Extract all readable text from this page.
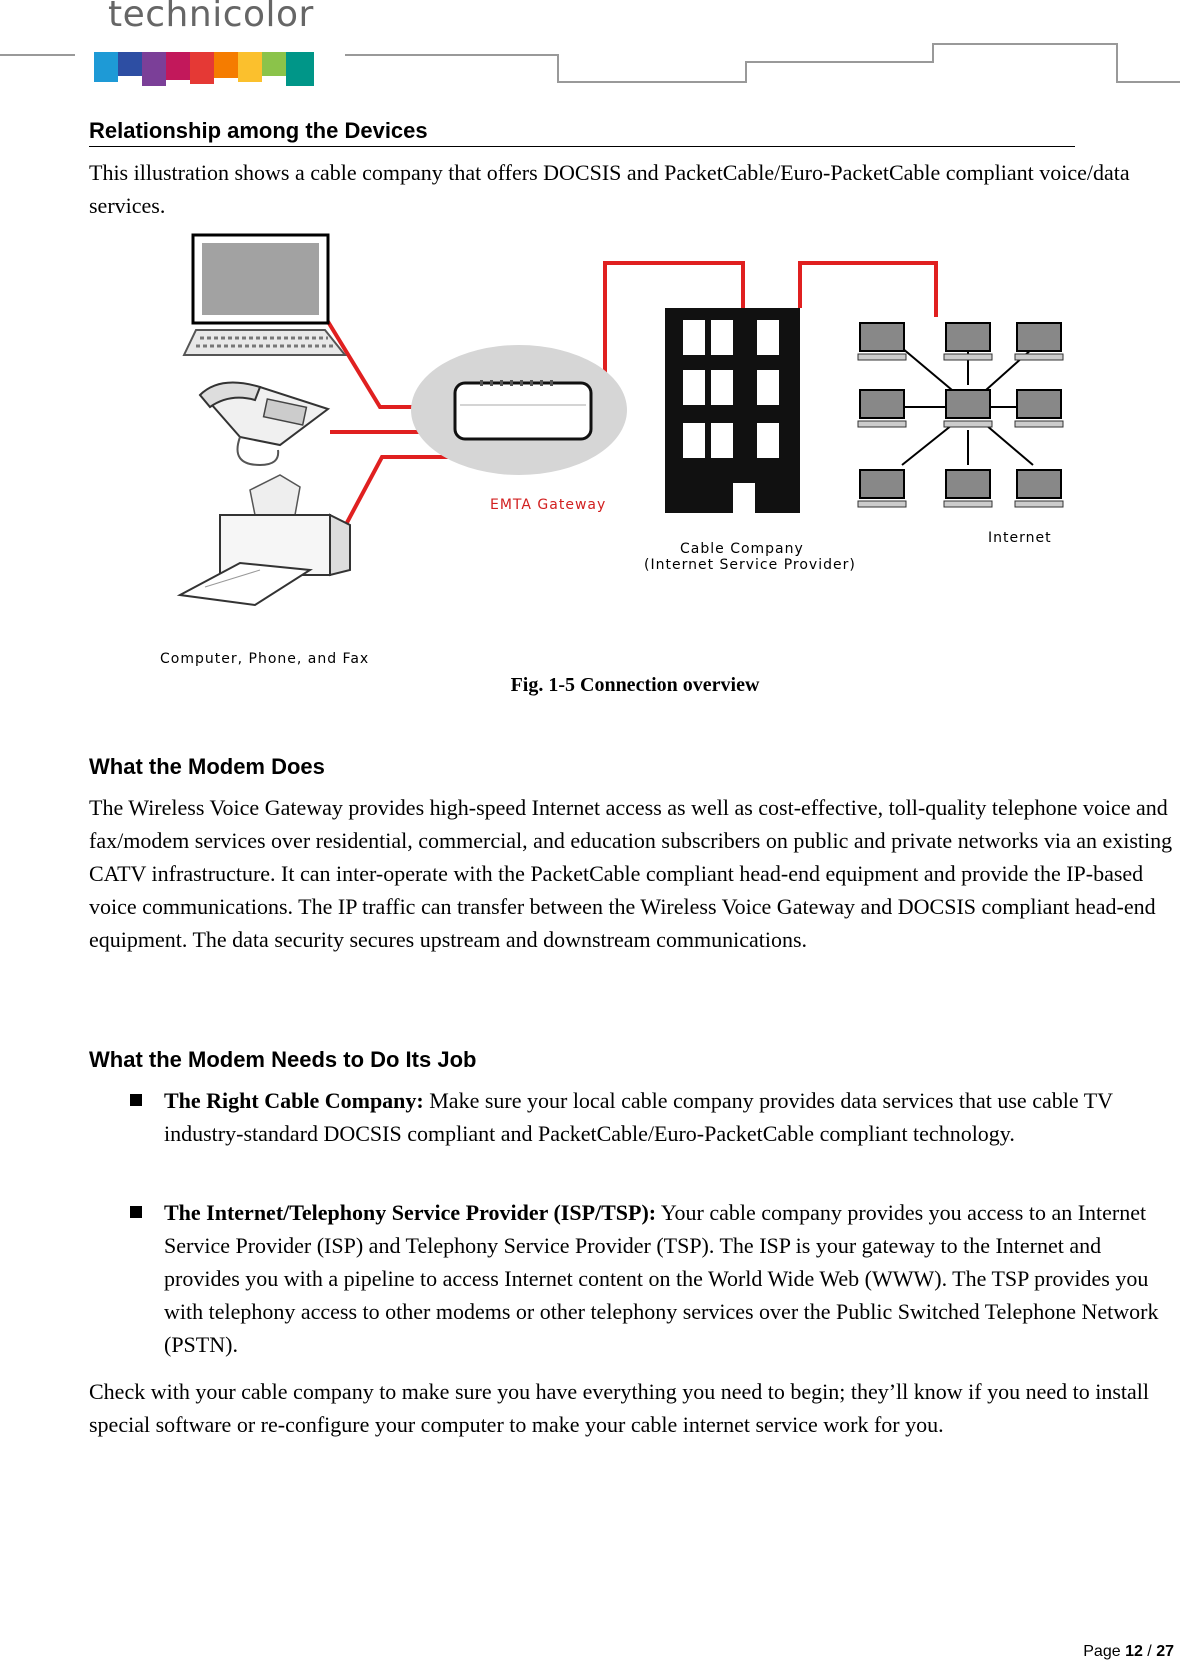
technicolor
Relationship among the Devices
This illustration shows a cable company that offers DOCSIS and PacketCable/Euro-PacketCable compliant voice/data services.
EMTA Gateway
Cable Company
(Internet Service Provider)
Internet
Computer, Phone, and Fax
Fig. 1-5 Connection overview
What the Modem Does
The Wireless Voice Gateway provides high-speed Internet access as well as cost-effective, toll-quality telephone voice and fax/modem services over residential, commercial, and education subscribers on public and private networks via an existing CATV infrastructure. It can inter-operate with the PacketCable compliant head-end equipment and provide the IP-based voice communications. The IP traffic can transfer between the Wireless Voice Gateway and DOCSIS compliant head-end equipment. The data security secures upstream and downstream communications.
What the Modem Needs to Do Its Job
The Right Cable Company: Make sure your local cable company provides data services that use cable TV industry-standard DOCSIS compliant and PacketCable/Euro-PacketCable compliant technology.
The Internet/Telephony Service Provider (ISP/TSP): Your cable company provides you access to an Internet Service Provider (ISP) and Telephony Service Provider (TSP). The ISP is your gateway to the Internet and provides you with a pipeline to access Internet content on the World Wide Web (WWW). The TSP provides you with telephony access to other modems or other telephony services over the Public Switched Telephone Network (PSTN).
Check with your cable company to make sure you have everything you need to begin; they’ll know if you need to install special software or re-configure your computer to make your cable internet service work for you.
Page 12 / 27
